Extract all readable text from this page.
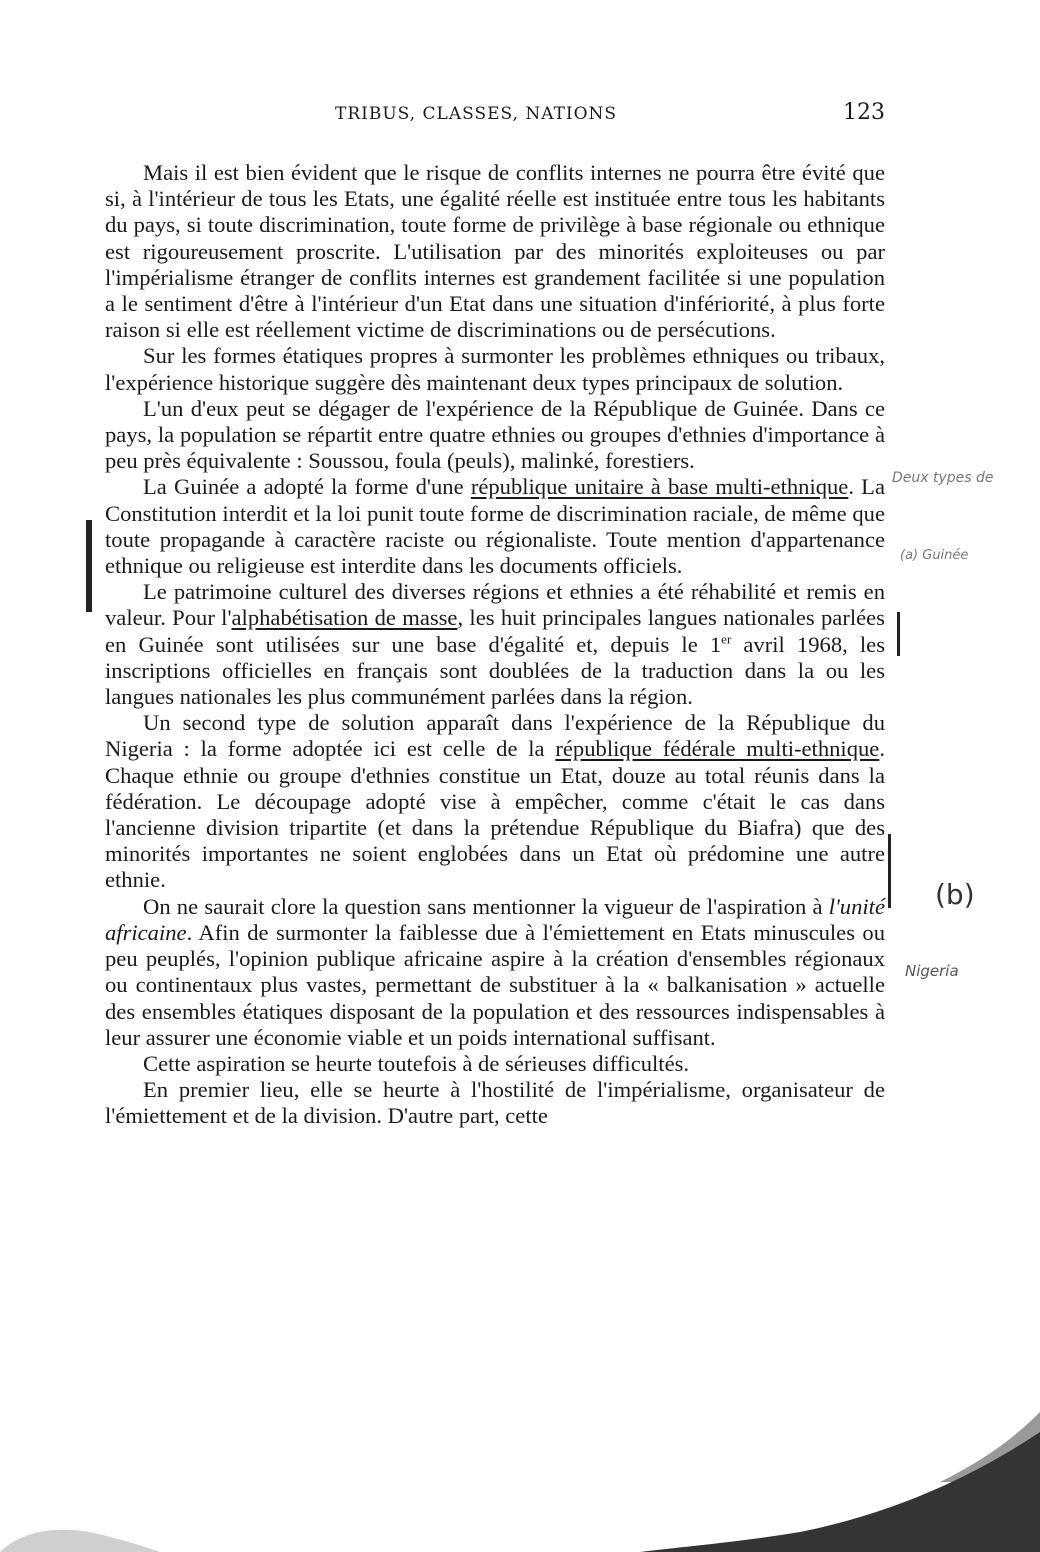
TRIBUS, CLASSES, NATIONS	123

Mais il est bien évident que le risque de conflits internes ne pourra être évité que si, à l'intérieur de tous les Etats, une égalité réelle est instituée entre tous les habitants du pays, si toute discrimination, toute forme de privilège à base régionale ou ethnique est rigoureusement proscrite. L'utilisation par des minorités exploiteuses ou par l'impérialisme étranger de conflits internes est grandement facilitée si une population a le sentiment d'être à l'intérieur d'un Etat dans une situation d'infériorité, à plus forte raison si elle est réellement victime de discriminations ou de persécutions.

Sur les formes étatiques propres à surmonter les problèmes ethniques ou tribaux, l'expérience historique suggère dès maintenant deux types principaux de solution.

L'un d'eux peut se dégager de l'expérience de la République de Guinée. Dans ce pays, la population se répartit entre quatre ethnies ou groupes d'ethnies d'importance à peu près équivalente : Soussou, foula (peuls), malinké, forestiers.

La Guinée a adopté la forme d'une république unitaire à base multi-ethnique. La Constitution interdit et la loi punit toute forme de discrimination raciale, de même que toute propagande à caractère raciste ou régionaliste. Toute mention d'appartenance ethnique ou religieuse est interdite dans les documents officiels.

Le patrimoine culturel des diverses régions et ethnies a été réhabilité et remis en valeur. Pour l'alphabétisation de masse, les huit principales langues nationales parlées en Guinée sont utilisées sur une base d'égalité et, depuis le 1er avril 1968, les inscriptions officielles en français sont doublées de la traduction dans la ou les langues nationales les plus communément parlées dans la région.

Un second type de solution apparaît dans l'expérience de la République du Nigeria : la forme adoptée ici est celle de la république fédérale multi-ethnique. Chaque ethnie ou groupe d'ethnies constitue un Etat, douze au total réunis dans la fédération. Le découpage adopté vise à empêcher, comme c'était le cas dans l'ancienne division tripartite (et dans la prétendue République du Biafra) que des minorités importantes ne soient englobées dans un Etat où prédomine une autre ethnie.

On ne saurait clore la question sans mentionner la vigueur de l'aspiration à l'unité africaine. Afin de surmonter la faiblesse due à l'émiettement en Etats minuscules ou peu peuplés, l'opinion publique africaine aspire à la création d'ensembles régionaux ou continentaux plus vastes, permettant de substituer à la « balkanisation » actuelle des ensembles étatiques disposant de la population et des ressources indispensables à leur assurer une économie viable et un poids international suffisant.

Cette aspiration se heurte toutefois à de sérieuses difficultés.

En premier lieu, elle se heurte à l'hostilité de l'impérialisme, organisateur de l'émiettement et de la division. D'autre part, cette

Deux types de
(a) Guinée
(b)
Nigeria
